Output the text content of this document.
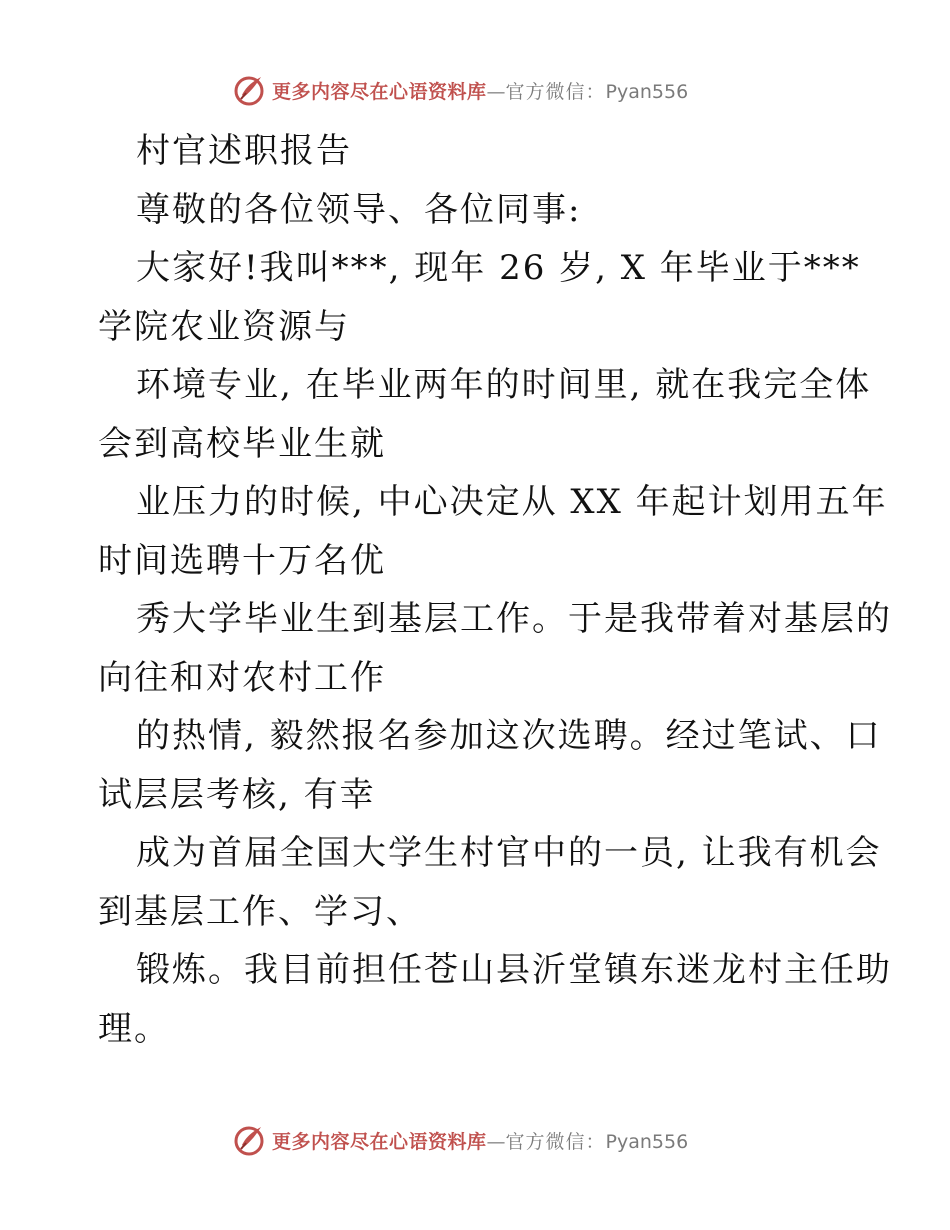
更多内容尽在心语资料库—官方微信：Pyan556
村官述职报告
尊敬的各位领导、各位同事:
大家好!我叫***, 现年 26 岁, X 年毕业于***
学院农业资源与
环境专业, 在毕业两年的时间里, 就在我完全体
会到高校毕业生就
业压力的时候, 中心决定从 XX 年起计划用五年
时间选聘十万名优
秀大学毕业生到基层工作。于是我带着对基层的
向往和对农村工作
的热情, 毅然报名参加这次选聘。经过笔试、口
试层层考核, 有幸
成为首届全国大学生村官中的一员, 让我有机会
到基层工作、学习、
锻炼。我目前担任苍山县沂堂镇东迷龙村主任助
理。
更多内容尽在心语资料库—官方微信：Pyan556
